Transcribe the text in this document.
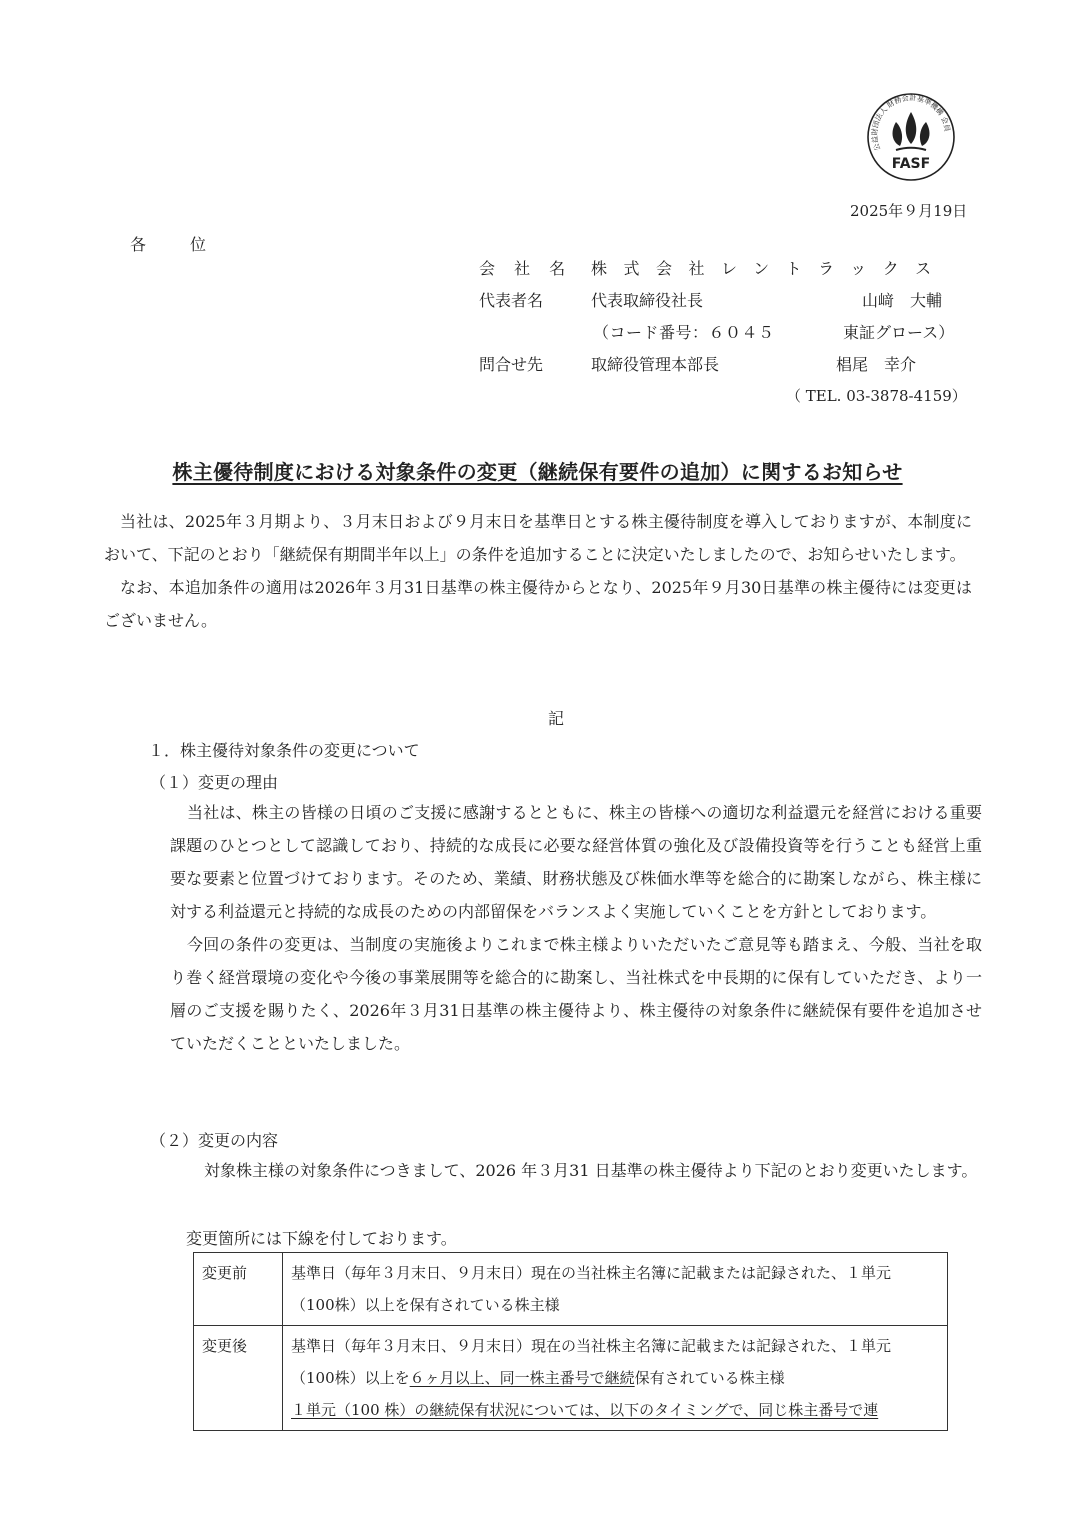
公益財団法人 財務会計基準機構 会員
FASF
2025年９月19日
各　位
会 社 名 株式会社レントラックス
代表者名	代表取締役社長	山﨑　大輔
（コード番号：６０４５	東証グロース）
問合せ先	取締役管理本部長	椙尾　幸介
（ TEL. 03-3878-4159）
株主優待制度における対象条件の変更（継続保有要件の追加）に関するお知らせ

当社は、2025年３月期より、３月末日および９月末日を基準日とする株主優待制度を導入しておりますが、本制度において、下記のとおり「継続保有期間半年以上」の条件を追加することに決定いたしましたので、お知らせいたします。

なお、本追加条件の適用は2026年３月31日基準の株主優待からとなり、2025年９月30日基準の株主優待には変更はございません。

記
１．株主優待対象条件の変更について
（１）変更の理由

当社は、株主の皆様の日頃のご支援に感謝するとともに、株主の皆様への適切な利益還元を経営における重要課題のひとつとして認識しており、持続的な成長に必要な経営体質の強化及び設備投資等を行うことも経営上重要な要素と位置づけております。そのため、業績、財務状態及び株価水準等を総合的に勘案しながら、株主様に対する利益還元と持続的な成長のための内部留保をバランスよく実施していくことを方針としております。

今回の条件の変更は、当制度の実施後よりこれまで株主様よりいただいたご意見等も踏まえ、今般、当社を取り巻く経営環境の変化や今後の事業展開等を総合的に勘案し、当社株式を中長期的に保有していただき、より一層のご支援を賜りたく、2026年３月31日基準の株主優待より、株主優待の対象条件に継続保有要件を追加させていただくことといたしました。

（２）変更の内容

対象株主様の対象条件につきまして、2026 年３月31 日基準の株主優待より下記のとおり変更いたします。

変更箇所には下線を付しております。
変更前	基準日（毎年３月末日、９月末日）現在の当社株主名簿に記載または記録された、１単元
（100株）以上を保有されている株主様

変更後	基準日（毎年３月末日、９月末日）現在の当社株主名簿に記載または記録された、１単元
（100株）以上を６ヶ月以上、同一株主番号で継続保有されている株主様
１単元（100 株）の継続保有状況については、以下のタイミングで、同じ株主番号で連
